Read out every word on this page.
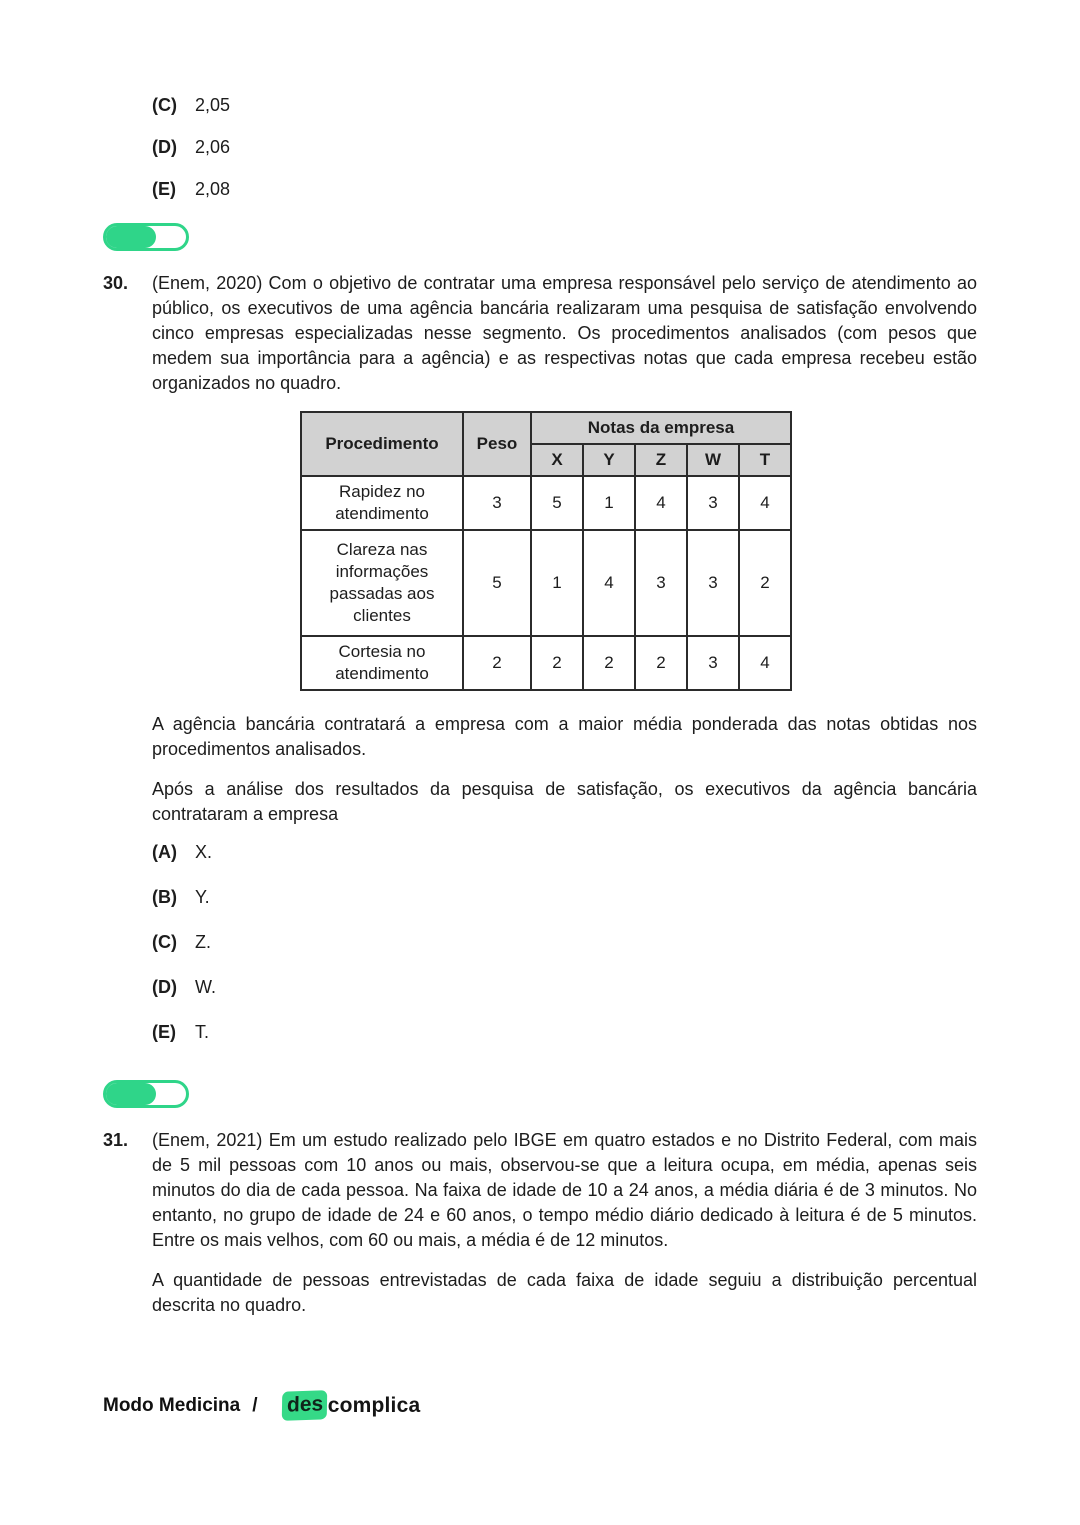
(C)	2,05
(D)	2,06
(E)	2,08
30.	(Enem, 2020) Com o objetivo de contratar uma empresa responsável pelo serviço de atendimento ao público, os executivos de uma agência bancária realizaram uma pesquisa de satisfação envolvendo cinco empresas especializadas nesse segmento. Os procedimentos analisados (com pesos que medem sua importância para a agência) e as respectivas notas que cada empresa recebeu estão organizados no quadro.

Procedimento	Peso	Notas da empresa				
		X	Y	Z	W	T
Rapidez no atendimento	3	5	1	4	3	4
Clareza nas informações passadas aos clientes	5	1	4	3	3	2
Cortesia no atendimento	2	2	2	2	3	4

A agência bancária contratará a empresa com a maior média ponderada das notas obtidas nos procedimentos analisados.

Após a análise dos resultados da pesquisa de satisfação, os executivos da agência bancária contrataram a empresa

(A)	X.
(B)	Y.
(C)	Z.
(D)	W.
(E)	T.
31.	(Enem, 2021) Em um estudo realizado pelo IBGE em quatro estados e no Distrito Federal, com mais de 5 mil pessoas com 10 anos ou mais, observou-se que a leitura ocupa, em média, apenas seis minutos do dia de cada pessoa. Na faixa de idade de 10 a 24 anos, a média diária é de 3 minutos. No entanto, no grupo de idade de 24 e 60 anos, o tempo médio diário dedicado à leitura é de 5 minutos. Entre os mais velhos, com 60 ou mais, a média é de 12 minutos.

A quantidade de pessoas entrevistadas de cada faixa de idade seguiu a distribuição percentual descrita no quadro.

Modo Medicina / des complica
